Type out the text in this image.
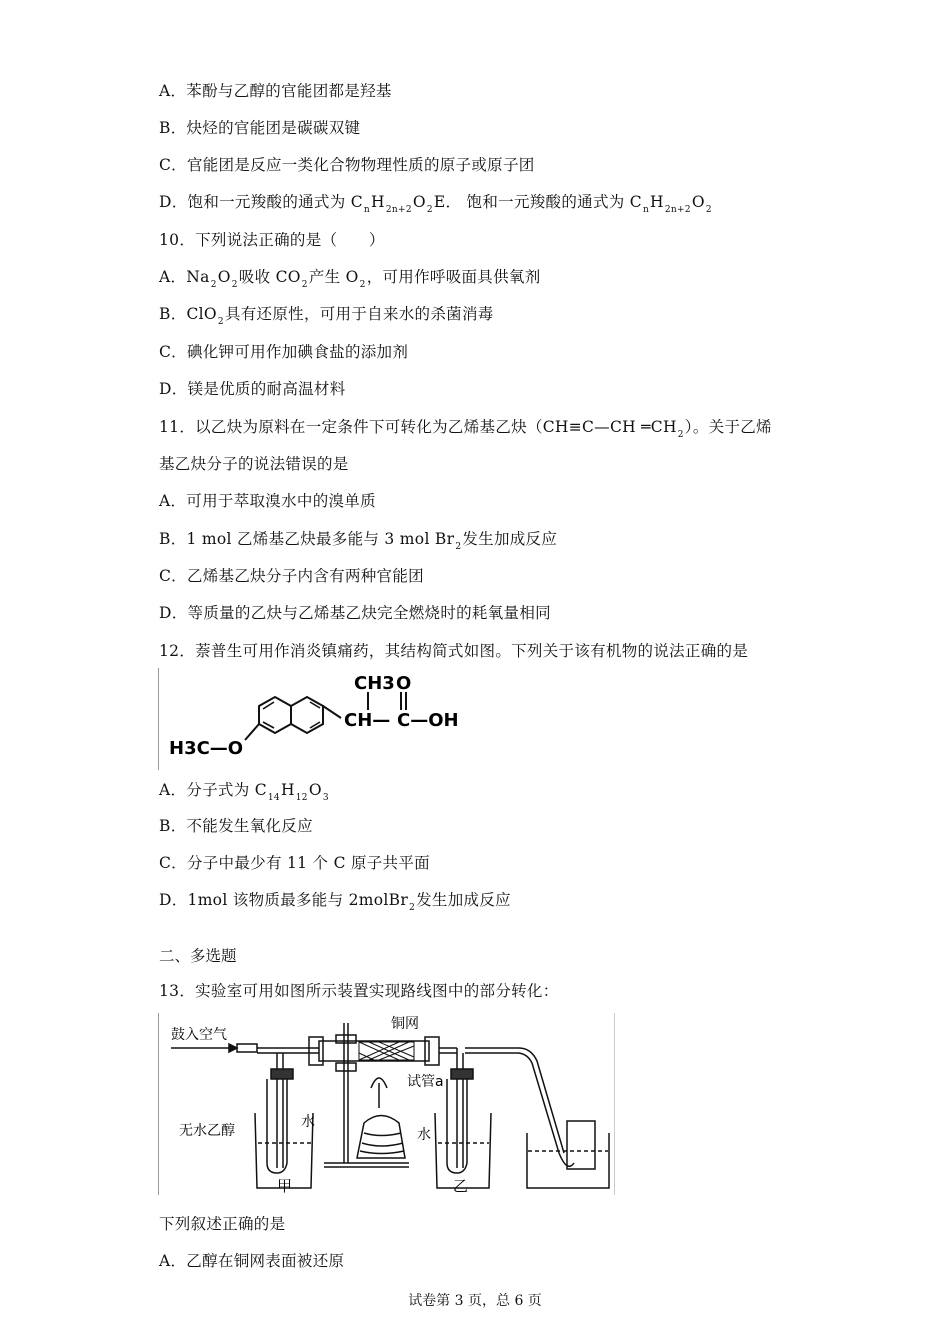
A．苯酚与乙醇的官能团都是羟基
B．炔烃的官能团是碳碳双键
C．官能团是反应一类化合物物理性质的原子或原子团
D．饱和一元羧酸的通式为 $C_nH_{2n+2}O_2E$． 饱和一元羧酸的通式为 $C_nH_{2n+2}O_2$
10．下列说法正确的是（　　）
A．$Na_2O_2$吸收 $CO_2$产生 $O_2$，可用作呼吸面具供氧剂
B．ClO$_2$具有还原性，可用于自来水的杀菌消毒
C．碘化钾可用作加碘食盐的添加剂
D．镁是优质的耐高温材料
11．以乙炔为原料在一定条件下可转化为乙烯基乙炔（CH≡C—CH $═CH_2$）。关于乙烯
基乙炔分子的说法错误的是
A．可用于萃取溴水中的溴单质
B．1 mol 乙烯基乙炔最多能与 3 mol $Br_2$发生加成反应
C．乙烯基乙炔分子内含有两种官能团
D．等质量的乙炔与乙烯基乙炔完全燃烧时的耗氧量相同
12．萘普生可用作消炎镇痛药，其结构简式如图。下列关于该有机物的说法正确的是
CH3 O
CH— C—OH
H3C—O
A．分子式为 $C_{14}H_{12}O_3$
B．不能发生氧化反应
C．分子中最少有 11 个 C 原子共平面
D．1mol 该物质最多能与 2molBr$_2$发生加成反应
二、多选题
13．实验室可用如图所示装置实现路线图中的部分转化：
鼓入空气
铜网
试管a
无水乙醇
水
水
甲	乙
下列叙述正确的是
A．乙醇在铜网表面被还原
试卷第 3 页，总 6 页
